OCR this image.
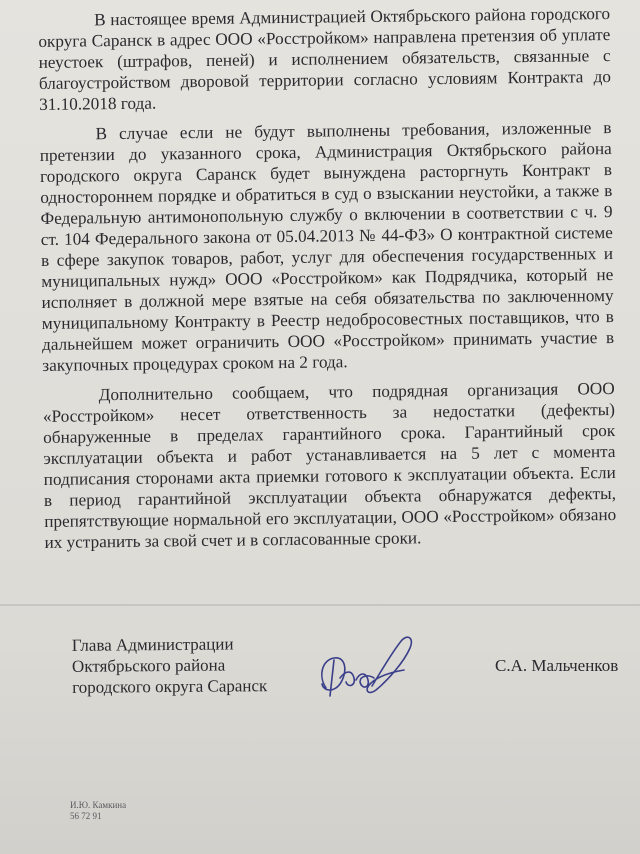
В настоящее время Администрацией Октябрьского района городского округа Саранск в адрес ООО «Росстройком» направлена претензия об уплате неустоек (штрафов, пеней) и исполнением обязательств, связанные с благоустройством дворовой территории согласно условиям Контракта до 31.10.2018 года.

В случае если не будут выполнены требования, изложенные в претензии до указанного срока, Администрация Октябрьского района городского округа Саранск будет вынуждена расторгнуть Контракт в одностороннем порядке и обратиться в суд о взыскании неустойки, а также в Федеральную антимонопольную службу о включении в соответствии с ч. 9 ст. 104 Федерального закона от 05.04.2013 № 44-ФЗ» О контрактной системе в сфере закупок товаров, работ, услуг для обеспечения государственных и муниципальных нужд» ООО «Росстройком» как Подрядчика, который не исполняет в должной мере взятые на себя обязательства по заключенному муниципальному Контракту в Реестр недобросовестных поставщиков, что в дальнейшем может ограничить ООО «Росстройком» принимать участие в закупочных процедурах сроком на 2 года.

Дополнительно сообщаем, что подрядная организация ООО «Росстройком» несет ответственность за недостатки (дефекты) обнаруженные в пределах гарантийного срока. Гарантийный срок эксплуатации объекта и работ устанавливается на 5 лет с момента подписания сторонами акта приемки готового к эксплуатации объекта. Если в период гарантийной эксплуатации объекта обнаружатся дефекты, препятствующие нормальной его эксплуатации, ООО «Росстройком» обязано их устранить за свой счет и в согласованные сроки.

Глава Администрации
Октябрьского района
городского округа Саранск
С.А. Мальченков
И.Ю. Камкина
56 72 91
